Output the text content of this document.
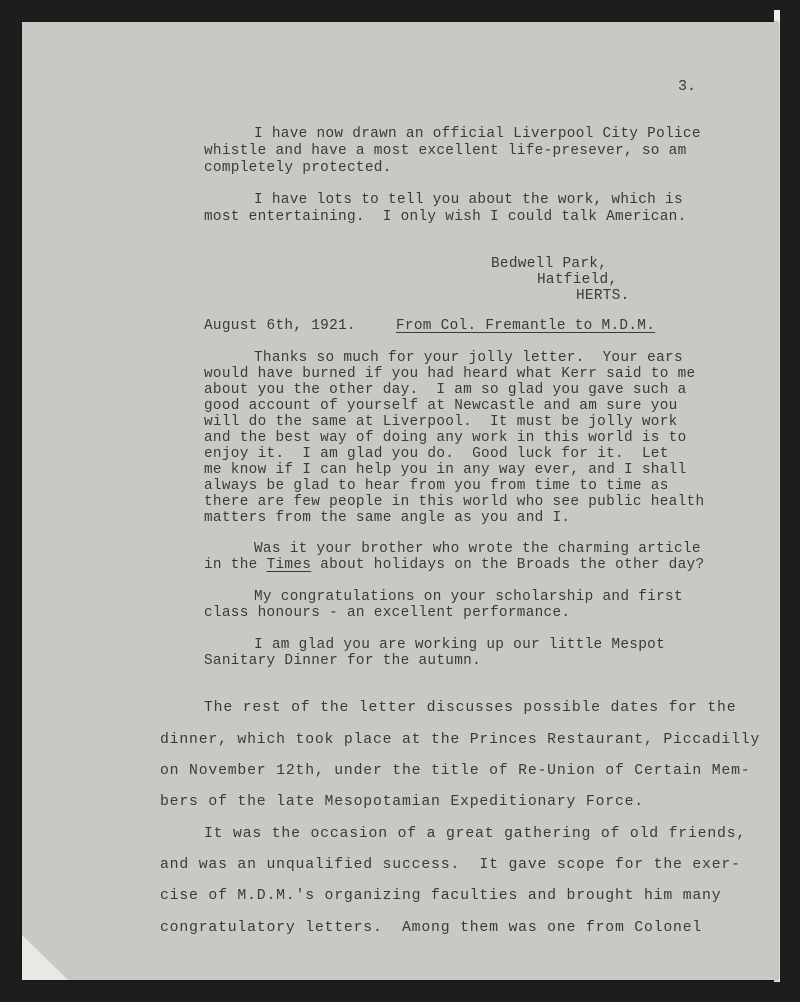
3.
I have now drawn an official Liverpool City Police
whistle and have a most excellent life-presever, so am
completely protected.
I have lots to tell you about the work, which is
most entertaining.  I only wish I could talk American.
Bedwell Park,
Hatfield,
HERTS.
August 6th, 1921.	From Col. Fremantle to M.D.M.
Thanks so much for your jolly letter.  Your ears
would have burned if you had heard what Kerr said to me
about you the other day.  I am so glad you gave such a
good account of yourself at Newcastle and am sure you
will do the same at Liverpool.  It must be jolly work
and the best way of doing any work in this world is to
enjoy it.  I am glad you do.  Good luck for it.  Let
me know if I can help you in any way ever, and I shall
always be glad to hear from you from time to time as
there are few people in this world who see public health
matters from the same angle as you and I.
Was it your brother who wrote the charming article
in the Times about holidays on the Broads the other day?
My congratulations on your scholarship and first
class honours - an excellent performance.
I am glad you are working up our little Mespot
Sanitary Dinner for the autumn.
The rest of the letter discusses possible dates for the
dinner, which took place at the Princes Restaurant, Piccadilly
on November 12th, under the title of Re-Union of Certain Mem-
bers of the late Mesopotamian Expeditionary Force.
It was the occasion of a great gathering of old friends,
and was an unqualified success.  It gave scope for the exer-
cise of M.D.M.'s organizing faculties and brought him many
congratulatory letters.  Among them was one from Colonel
